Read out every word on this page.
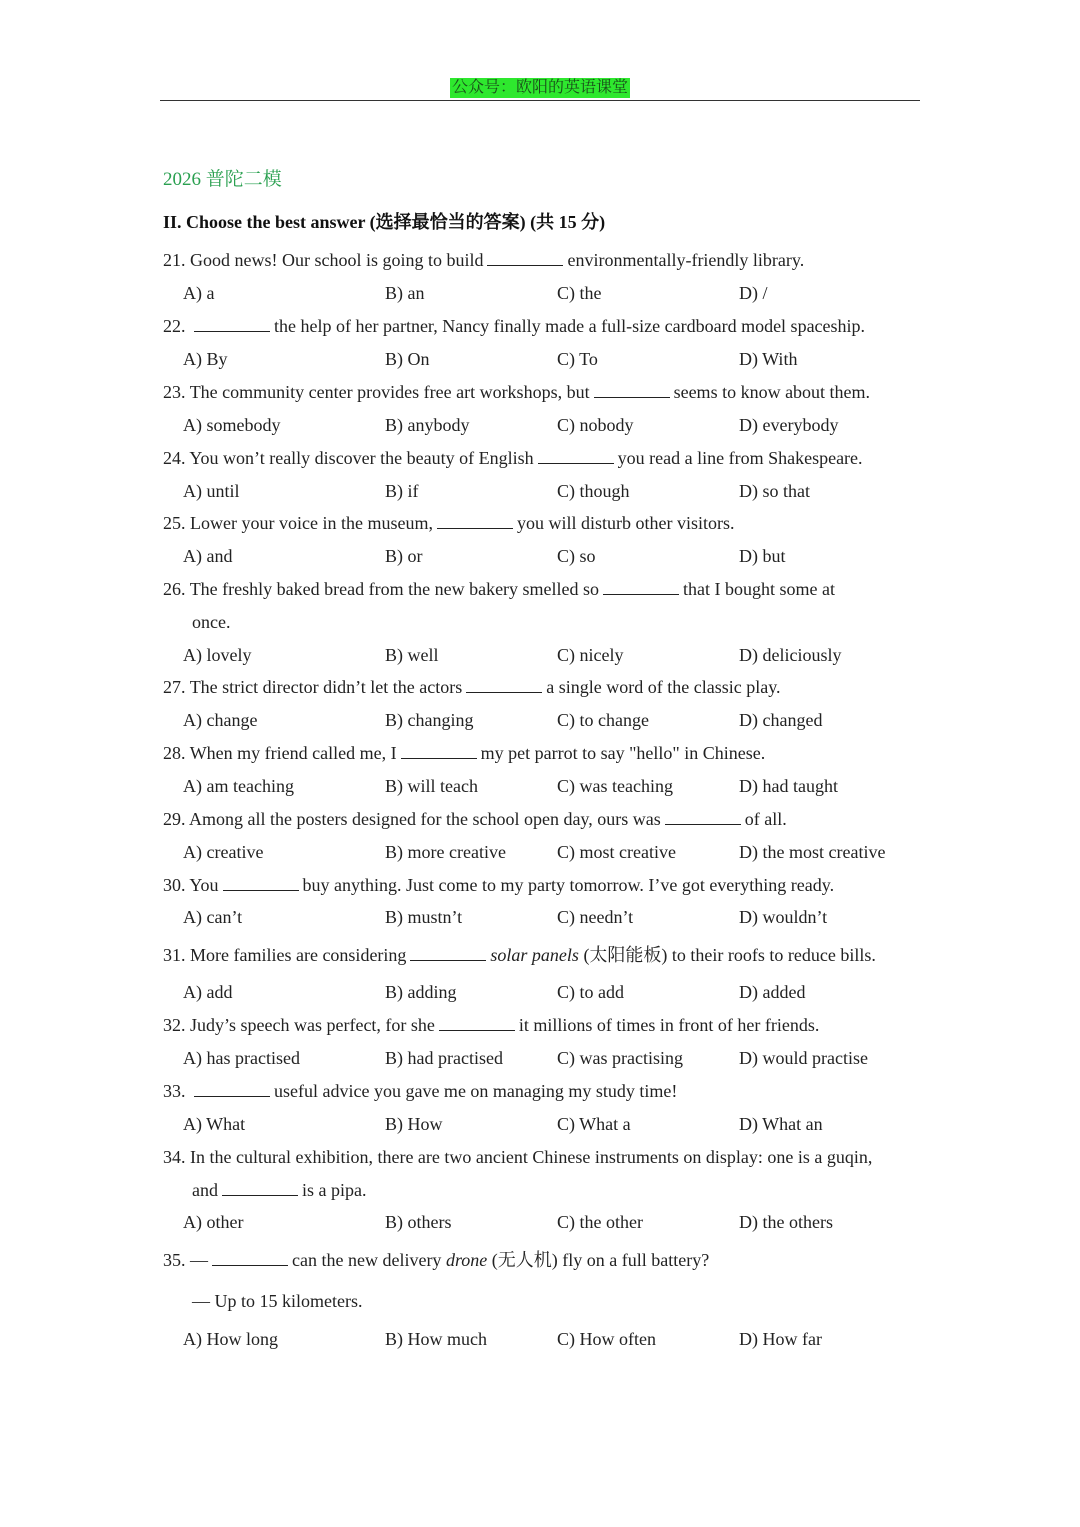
公众号：欧阳的英语课堂
2026 普陀二模
II. Choose the best answer (选择最恰当的答案) (共 15 分)
21. Good news! Our school is going to build	environmentally-friendly library.
A) a	B) an	C) the	D) /
22.	the help of her partner, Nancy finally made a full-size cardboard model spaceship.
A) By	B) On	C) To	D) With
23. The community center provides free art workshops, but	seems to know about them.
A) somebody	B) anybody	C) nobody	D) everybody
24. You won’t really discover the beauty of English	you read a line from Shakespeare.
A) until	B) if	C) though	D) so that
25. Lower your voice in the museum,	you will disturb other visitors.
A) and	B) or	C) so	D) but
26. The freshly baked bread from the new bakery smelled so	that I bought some at
once.
A) lovely	B) well	C) nicely	D) deliciously
27. The strict director didn’t let the actors	a single word of the classic play.
A) change	B) changing	C) to change	D) changed
28. When my friend called me, I	my pet parrot to say "hello" in Chinese.
A) am teaching	B) will teach	C) was teaching	D) had taught
29. Among all the posters designed for the school open day, ours was	of all.
A) creative	B) more creative	C) most creative	D) the most creative
30. You	buy anything. Just come to my party tomorrow. I’ve got everything ready.
A) can’t	B) mustn’t	C) needn’t	D) wouldn’t
31. More families are considering	solar panels (太阳能板) to their roofs to reduce bills.
A) add	B) adding	C) to add	D) added
32. Judy’s speech was perfect, for she	it millions of times in front of her friends.
A) has practised	B) had practised	C) was practising	D) would practise
33.	useful advice you gave me on managing my study time!
A) What	B) How	C) What a	D) What an
34. In the cultural exhibition, there are two ancient Chinese instruments on display: one is a guqin,
and	is a pipa.
A) other	B) others	C) the other	D) the others
35. —	can the new delivery drone (无人机) fly on a full battery?
— Up to 15 kilometers.
A) How long	B) How much	C) How often	D) How far
